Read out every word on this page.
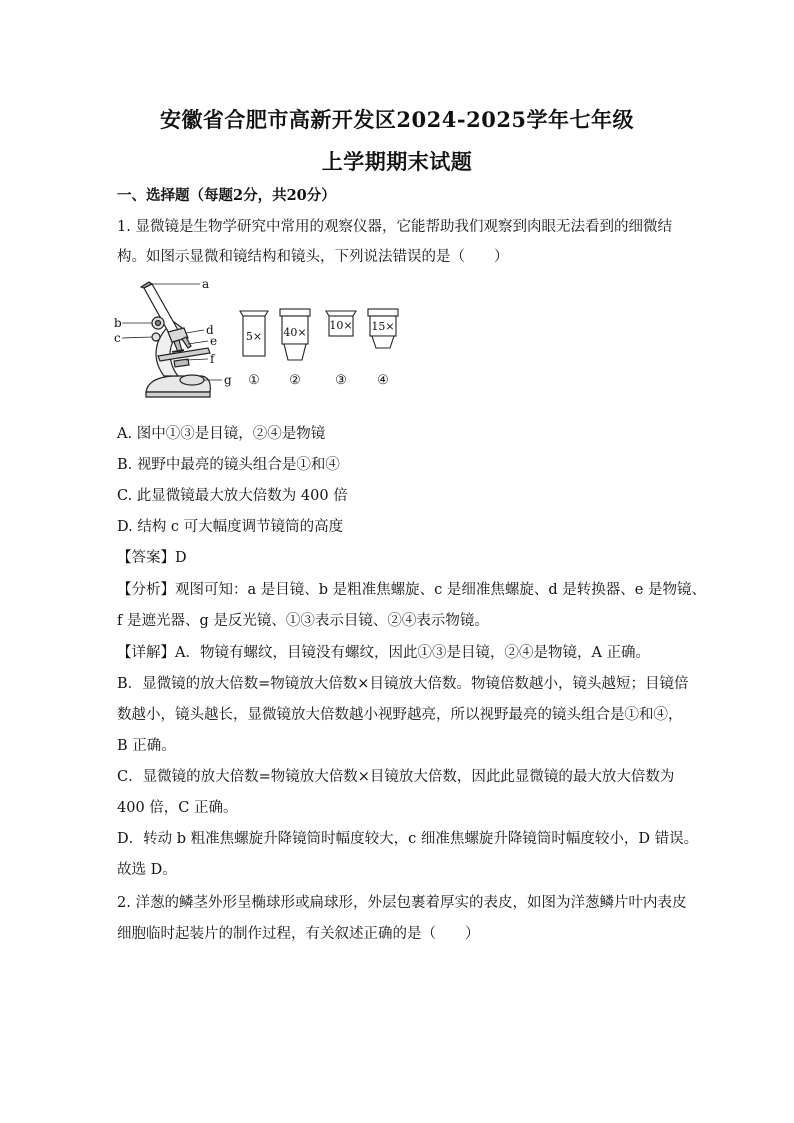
安徽省合肥市高新开发区2024-2025学年七年级
上学期期末试题
一、选择题（每题2分，共20分）
1. 显微镜是生物学研究中常用的观察仪器，它能帮助我们观察到肉眼无法看到的细微结
构。如图示显微和镜结构和镜头，下列说法错误的是（　　）
a
b
c
d
e
f
g
5× 40×
10× 15×
① ②	③ ④
A. 图中①③是目镜，②④是物镜
B. 视野中最亮的镜头组合是①和④
C. 此显微镜最大放大倍数为 400 倍
D. 结构 c 可大幅度调节镜筒的高度
【答案】D
【分析】观图可知：a 是目镜、b 是粗准焦螺旋、c 是细准焦螺旋、d 是转换器、e 是物镜、
f 是遮光器、g 是反光镜、①③表示目镜、②④表示物镜。
【详解】A．物镜有螺纹，目镜没有螺纹，因此①③是目镜，②④是物镜，A 正确。
B．显微镜的放大倍数=物镜放大倍数×目镜放大倍数。物镜倍数越小，镜头越短；目镜倍
数越小，镜头越长，显微镜放大倍数越小视野越亮，所以视野最亮的镜头组合是①和④，
B 正确。
C．显微镜的放大倍数=物镜放大倍数×目镜放大倍数，因此此显微镜的最大放大倍数为
400 倍，C 正确。
D．转动 b 粗准焦螺旋升降镜筒时幅度较大，c 细准焦螺旋升降镜筒时幅度较小，D 错误。
故选 D。
2. 洋葱的鳞茎外形呈椭球形或扁球形，外层包裹着厚实的表皮，如图为洋葱鳞片叶内表皮
细胞临时起装片的制作过程，有关叙述正确的是（　　）
